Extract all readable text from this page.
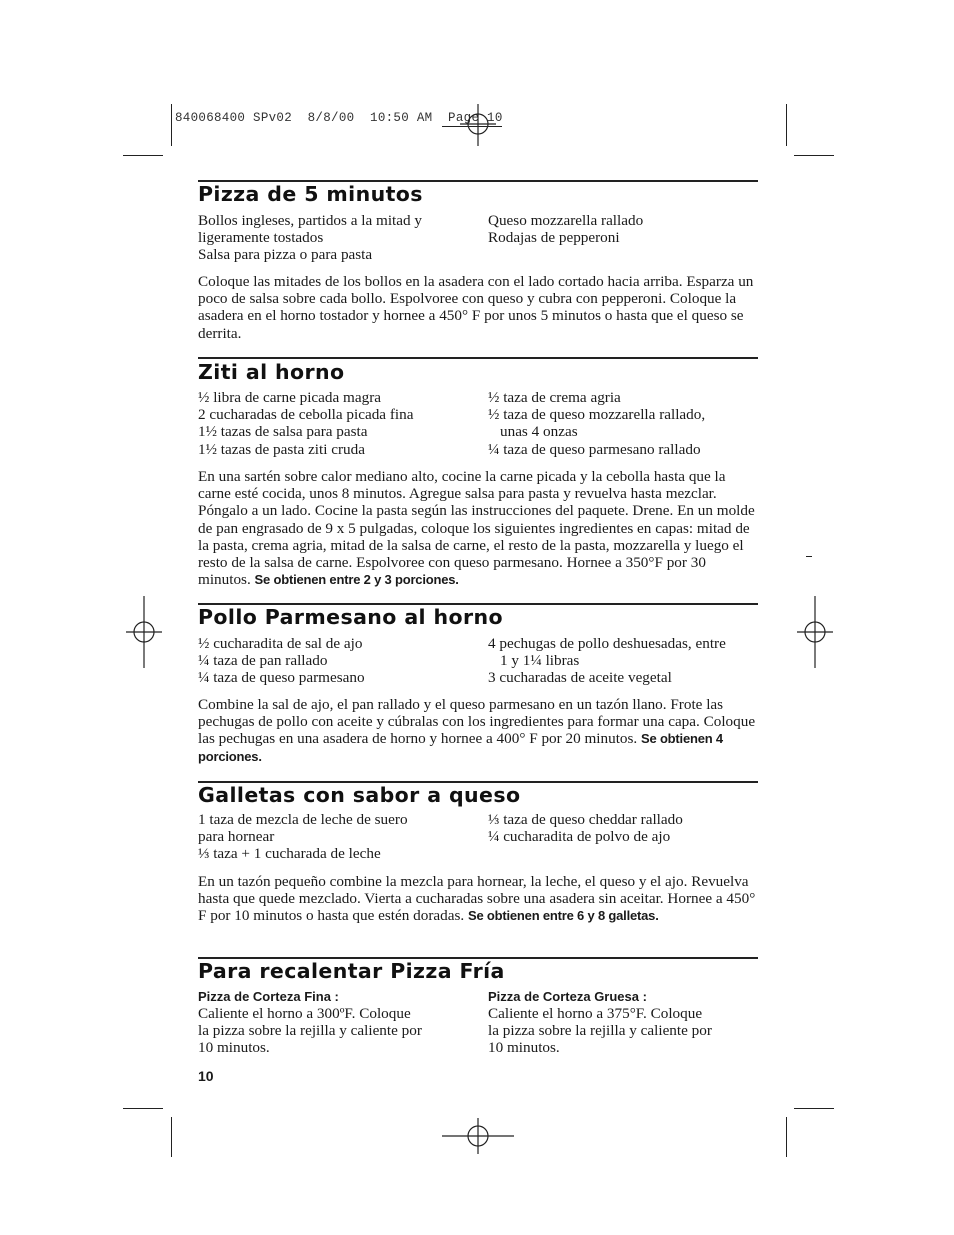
840068400 SPv02  8/8/00  10:50 AM  Page 10
Pizza de 5 minutos
Bollos ingleses, partidos a la mitad y
ligeramente tostados
Salsa para pizza o para pasta
Queso mozzarella rallado
Rodajas de pepperoni
Coloque las mitades de los bollos en la asadera con el lado cortado hacia arriba. Esparza un poco de salsa sobre cada bollo. Espolvoree con queso y cubra con pepperoni. Coloque la asadera en el horno tostador y hornee a 450° F por unos 5 minutos o hasta que el queso se derrita.
Ziti al horno
½ libra de carne picada magra
2 cucharadas de cebolla picada fina
1½ tazas de salsa para pasta
1½ tazas de pasta ziti cruda
½ taza de crema agria
½ taza de queso mozzarella rallado,
unas 4 onzas
¼ taza de queso parmesano rallado
En una sartén sobre calor mediano alto, cocine la carne picada y la cebolla hasta que la carne esté cocida, unos 8 minutos. Agregue salsa para pasta y revuelva hasta mezclar. Póngalo a un lado. Cocine la pasta según las instrucciones del paquete. Drene. En un molde de pan engrasado de 9 x 5 pulgadas, coloque los siguientes ingredientes en capas: mitad de la pasta, crema agria, mitad de la salsa de carne, el resto de la pasta, mozzarella y luego el resto de la salsa de carne. Espolvoree con queso parmesano. Hornee a 350°F por 30 minutos. Se obtienen entre 2 y 3 porciones.
Pollo Parmesano al horno
½ cucharadita de sal de ajo
¼ taza de pan rallado
¼ taza de queso parmesano
4 pechugas de pollo deshuesadas, entre
1 y 1¼ libras
3 cucharadas de aceite vegetal
Combine la sal de ajo, el pan rallado y el queso parmesano en un tazón llano. Frote las pechugas de pollo con aceite y cúbralas con los ingredientes para formar una capa. Coloque las pechugas en una asadera de horno y hornee a 400° F por 20 minutos. Se obtienen 4 porciones.
Galletas con sabor a queso
1 taza de mezcla de leche de suero
para hornear
⅓ taza + 1 cucharada de leche
⅓ taza de queso cheddar rallado
¼ cucharadita de polvo de ajo
En un tazón pequeño combine la mezcla para hornear, la leche, el queso y el ajo. Revuelva hasta que quede mezclado. Vierta a cucharadas sobre una asadera sin aceitar. Hornee a 450° F por 10 minutos o hasta que estén doradas. Se obtienen entre 6 y 8 galletas.
Para recalentar Pizza Fría
Pizza de Corteza Fina :
Caliente el horno a 300ºF. Coloque
la pizza sobre la rejilla y caliente por
10 minutos.
Pizza de Corteza Gruesa :
Caliente el horno a 375°F. Coloque
la pizza sobre la rejilla y caliente por
10 minutos.
10
